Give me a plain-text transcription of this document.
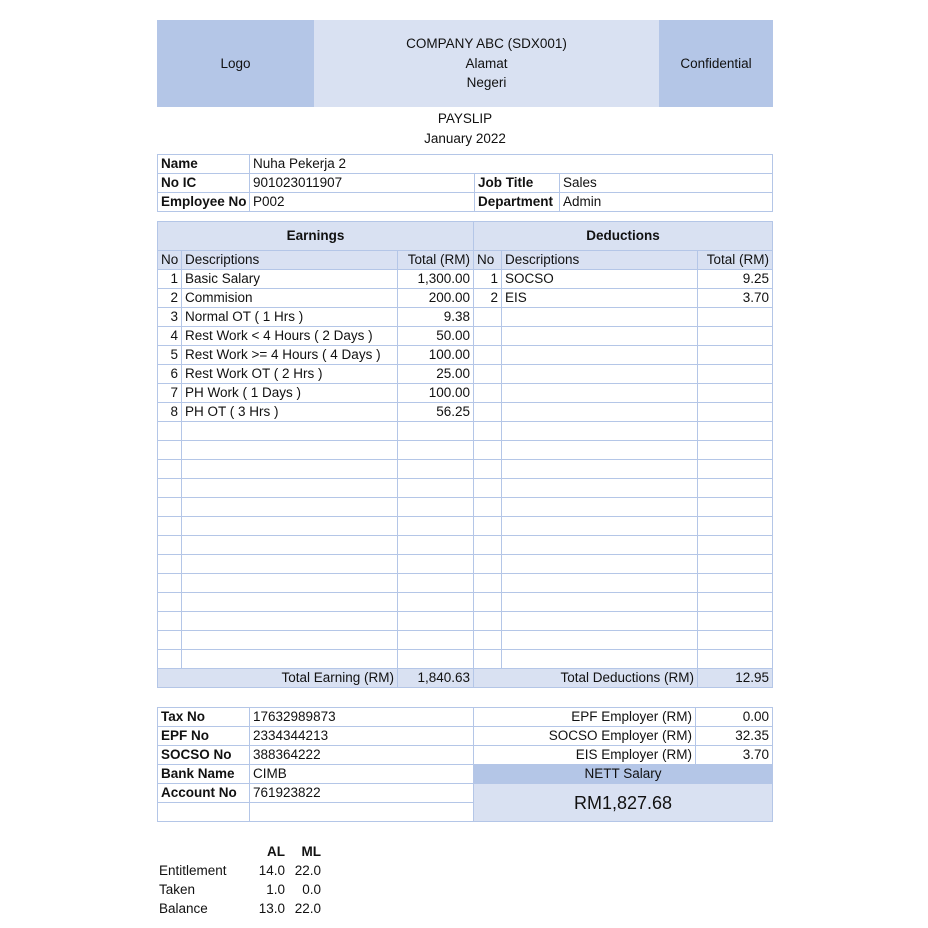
Logo
COMPANY ABC (SDX001)
Alamat
Negeri
Confidential
PAYSLIP
January 2022
Name	Nuha Pekerja 2		
No IC	901023011907	Job Title	Sales
Employee No	P002	Department	Admin
Earnings			Deductions		
No	Descriptions	Total (RM)	No	Descriptions	Total (RM)
1	Basic Salary	1,300.00	1	SOCSO	9.25
2	Commision	200.00	2	EIS	3.70
3	Normal OT ( 1 Hrs )	9.38			
4	Rest Work < 4 Hours ( 2 Days )	50.00			
5	Rest Work >= 4 Hours ( 4 Days )	100.00			
6	Rest Work OT ( 2 Hrs )	25.00			
7	PH Work ( 1 Days )	100.00			
8	PH OT ( 3 Hrs )	56.25			

Total Earning (RM)		1,840.63	Total Deductions (RM)		12.95
Tax No	17632989873	EPF Employer (RM)	0.00
EPF No	2334344213	SOCSO Employer (RM)	32.35
SOCSO No	388364222	EIS Employer (RM)	3.70
Bank Name	CIMB	NETT Salary	
Account No	761923822	RM1,827.68	

	AL	ML
Entitlement	14.0	22.0
Taken	1.0	0.0
Balance	13.0	22.0
